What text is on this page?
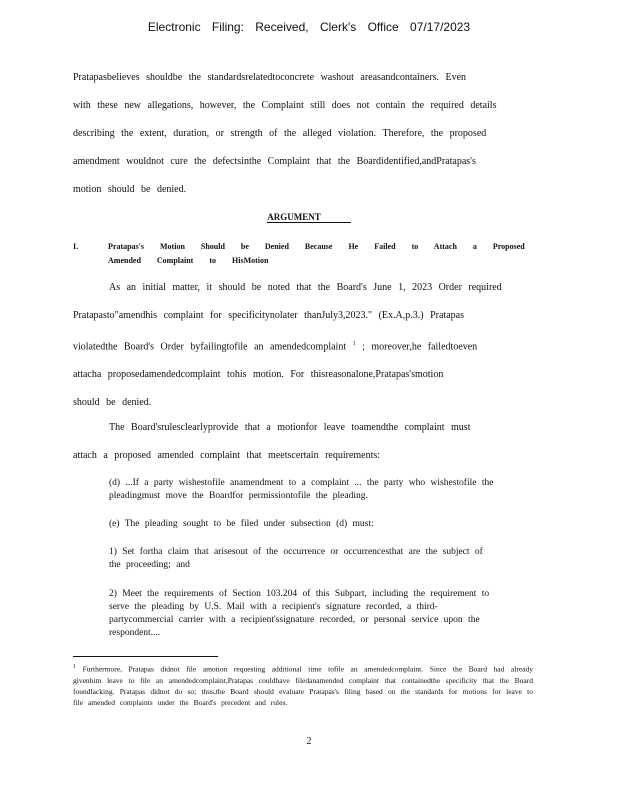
Electronic Filing: Received, Clerk's Office 07/17/2023
Pratapasbelieves shouldbe the standardsrelatedtoconcrete washout areasandcontainers. Even
with these new allegations, however, the Complaint still does not contain the required details
describing the extent, duration, or strength of the alleged violation. Therefore, the proposed
amendment wouldnot cure the defectsinthe Complaint that the Boardidentified,andPratapas's
motion should be denied.
ARGUMENT
I.	Pratapas's Motion Should be Denied Because He Failed to Attach a Proposed Amended Complaint to HisMotion
As an initial matter, it should be noted that the Board's June 1, 2023 Order required
Pratapasto"amendhis complaint for specificitynolater thanJuly3,2023." (Ex.A,p.3.) Pratapas
violatedthe Board's Order byfailingtofile an amendedcomplaint $^1$ ; moreover,he failedtoeven
attacha proposedamendedcomplaint tohis motion. For thisreasonalone,Pratapas'smotion
should be denied.
The Board'srulesclearlyprovide that a motionfor leave toamendthe complaint must
attach a proposed amended complaint that meetscertain requirements:
(d) ...If a party wishestofile anamendment to a complaint ... the party who wishestofile the pleadingmust move the Boardfor permissiontofile the pleading.
(e) The pleading sought to be filed under subsection (d) must:
1) Set fortha claim that arisesout of the occurrence or occurrencesthat are the subject of the proceeding; and
2) Meet the requirements of Section 103.204 of this Subpart, including the requirement to serve the pleading by U.S. Mail with a recipient's signature recorded, a third-partycommercial carrier with a recipient'ssignature recorded, or personal service upon the respondent....
$^1$ Furthermore, Pratapas didnot file amotion requesting additional time tofile an amendedcomplaint. Since the Board had already givenhim leave to file an amendedcomplaint,Pratapas couldhave filedanamended complaint that containedthe specificity that the Board foundlacking. Pratapas didnot do so; thus,the Board should evaluate Pratapas's filing based on the standards for motions for leave to file amended complaints under the Board's precedent and rules.
2
